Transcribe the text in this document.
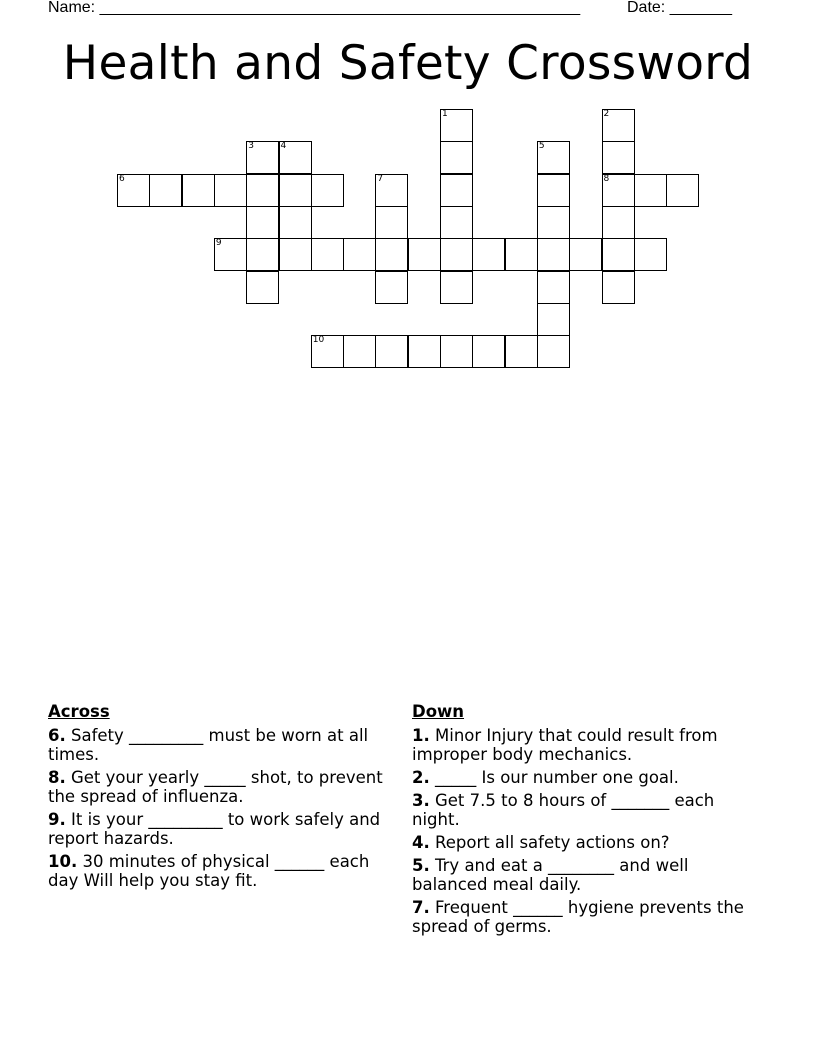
Name: ______________________________________________________	Date: _______
Health and Safety Crossword
1	2
8
3	4	5
6	7
9
10
Across
6. Safety _________ must be worn at all times.
8. Get your yearly _____ shot, to prevent the spread of influenza.
9. It is your _________ to work safely and report hazards.
10. 30 minutes of physical ______ each day Will help you stay fit.
Down
1. Minor Injury that could result from improper body mechanics.
2. _____ Is our number one goal.
3. Get 7.5 to 8 hours of _______ each night.
4. Report all safety actions on?
5. Try and eat a ________ and well balanced meal daily.
7. Frequent ______ hygiene prevents the spread of germs.
